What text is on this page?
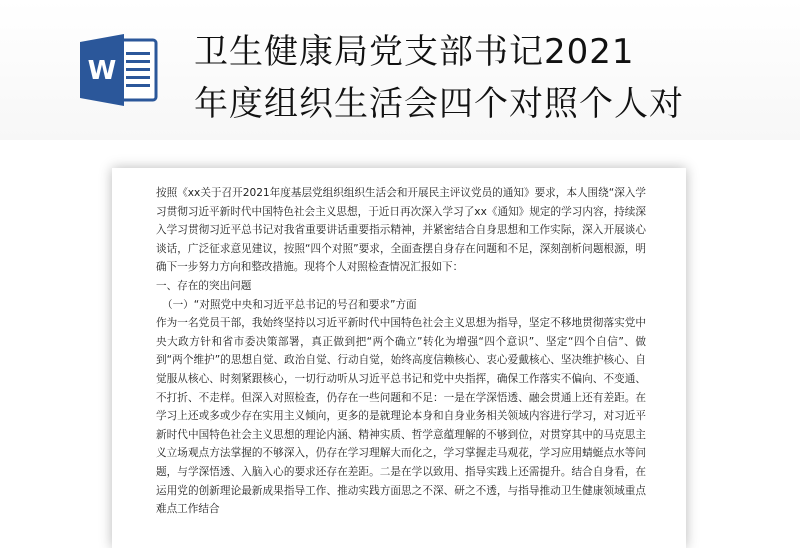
W 卫生健康局党支部书记2021
年度组织生活会四个对照个人对

按照《xx关于召开2021年度基层党组织组织生活会和开展民主评议党员的通知》要求，本人围绕“深入学习贯彻习近平新时代中国特色社会主义思想，于近日再次深入学习了xx《通知》规定的学习内容，持续深入学习贯彻习近平总书记对我省重要讲话重要指示精神，并紧密结合自身思想和工作实际，深入开展谈心谈话，广泛征求意见建议，按照“四个对照”要求，全面查摆自身存在问题和不足，深刻剖析问题根源，明确下一步努力方向和整改措施。现将个人对照检查情况汇报如下：

一、存在的突出问题

（一）“对照党中央和习近平总书记的号召和要求”方面

作为一名党员干部，我始终坚持以习近平新时代中国特色社会主义思想为指导，坚定不移地贯彻落实党中央大政方针和省市委决策部署，真正做到把“两个确立”转化为增强“四个意识”、坚定“四个自信”、做到“两个维护”的思想自觉、政治自觉、行动自觉，始终高度信赖核心、衷心爱戴核心、坚决维护核心、自觉服从核心、时刻紧跟核心，一切行动听从习近平总书记和党中央指挥，确保工作落实不偏向、不变通、不打折、不走样。但深入对照检查，仍存在一些问题和不足：一是在学深悟透、融会贯通上还有差距。在学习上还或多或少存在实用主义倾向，更多的是就理论本身和自身业务相关领域内容进行学习，对习近平新时代中国特色社会主义思想的理论内涵、精神实质、哲学意蕴理解的不够到位，对贯穿其中的马克思主义立场观点方法掌握的不够深入，仍存在学习理解大而化之，学习掌握走马观花，学习应用蜻蜓点水等问题，与学深悟透、入脑入心的要求还存在差距。二是在学以致用、指导实践上还需提升。结合自身看，在运用党的创新理论最新成果指导工作、推动实践方面思之不深、研之不透，与指导推动卫生健康领域重点难点工作结合
